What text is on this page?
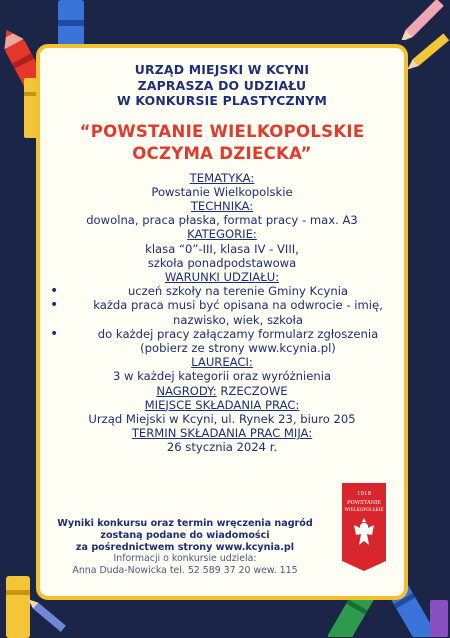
URZĄD MIEJSKI W KCYNI
ZAPRASZA DO UDZIAŁU
W KONKURSIE PLASTYCZNYM
“POWSTANIE WIELKOPOLSKIE
OCZYMA DZIECKA”
TEMATYKA:
Powstanie Wielkopolskie
TECHNIKA:
dowolna, praca płaska, format pracy - max. A3
KATEGORIE:
klasa “0”-III, klasa IV - VIII,
szkoła ponadpodstawowa
WARUNKI UDZIAŁU:
• uczeń szkoły na terenie Gminy Kcynia
• każda praca musi być opisana na odwrocie - imię, nazwisko, wiek, szkoła
• do każdej pracy załączamy formularz zgłoszenia (pobierz ze strony www.kcynia.pl)
LAUREACI:
3 w każdej kategorii oraz wyróżnienia
NAGRODY: RZECZOWE
MIEJSCE SKŁADANIA PRAC:
Urząd Miejski w Kcyni, ul. Rynek 23, biuro 205
TERMIN SKŁADANIA PRAC MIJA:
26 stycznia 2024 r.
Wyniki konkursu oraz termin wręczenia nagród
zostaną podane do wiadomości
za pośrednictwem strony www.kcynia.pl
Informacji o konkursie udziela:
Anna Duda-Nowicka tel. 52 589 37 20 wew. 115
1918
POWSTANIE
WIELKOPOLSKIE
